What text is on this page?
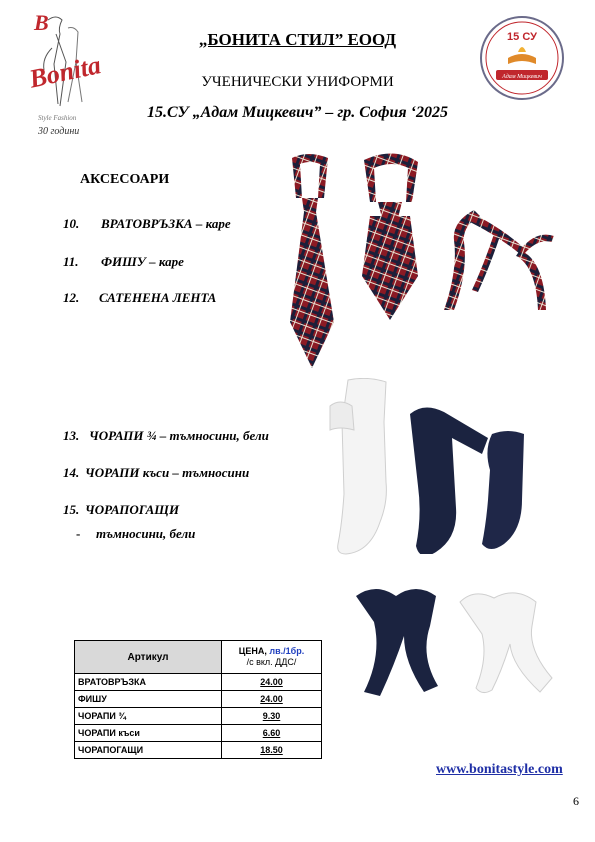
B
Bonita
Style Fashion
30 години
15 СУ
Адам Мицкевич
„БОНИТА СТИЛ” ЕООД
УЧЕНИЧЕСКИ УНИФОРМИ
15.СУ „Адам Мицкевич” – гр. София ‘2025
АКСЕСОАРИ
10. ВРАТОВРЪЗКА – каре
11. ФИШУ – каре
12. САТЕНЕНА ЛЕНТА
13. ЧОРАПИ ¾ – тъмносини, бели
14. ЧОРАПИ къси – тъмносини
15. ЧОРАПОГАЩИ
- тъмносини, бели
Артикул	ЦЕНА, лв./1бр.
/с вкл. ДДС/
ВРАТОВРЪЗКА	24.00
ФИШУ	24.00
ЧОРАПИ ¾	9.30
ЧОРАПИ къси	6.60
ЧОРАПОГАЩИ	18.50
www.bonitastyle.com
6
